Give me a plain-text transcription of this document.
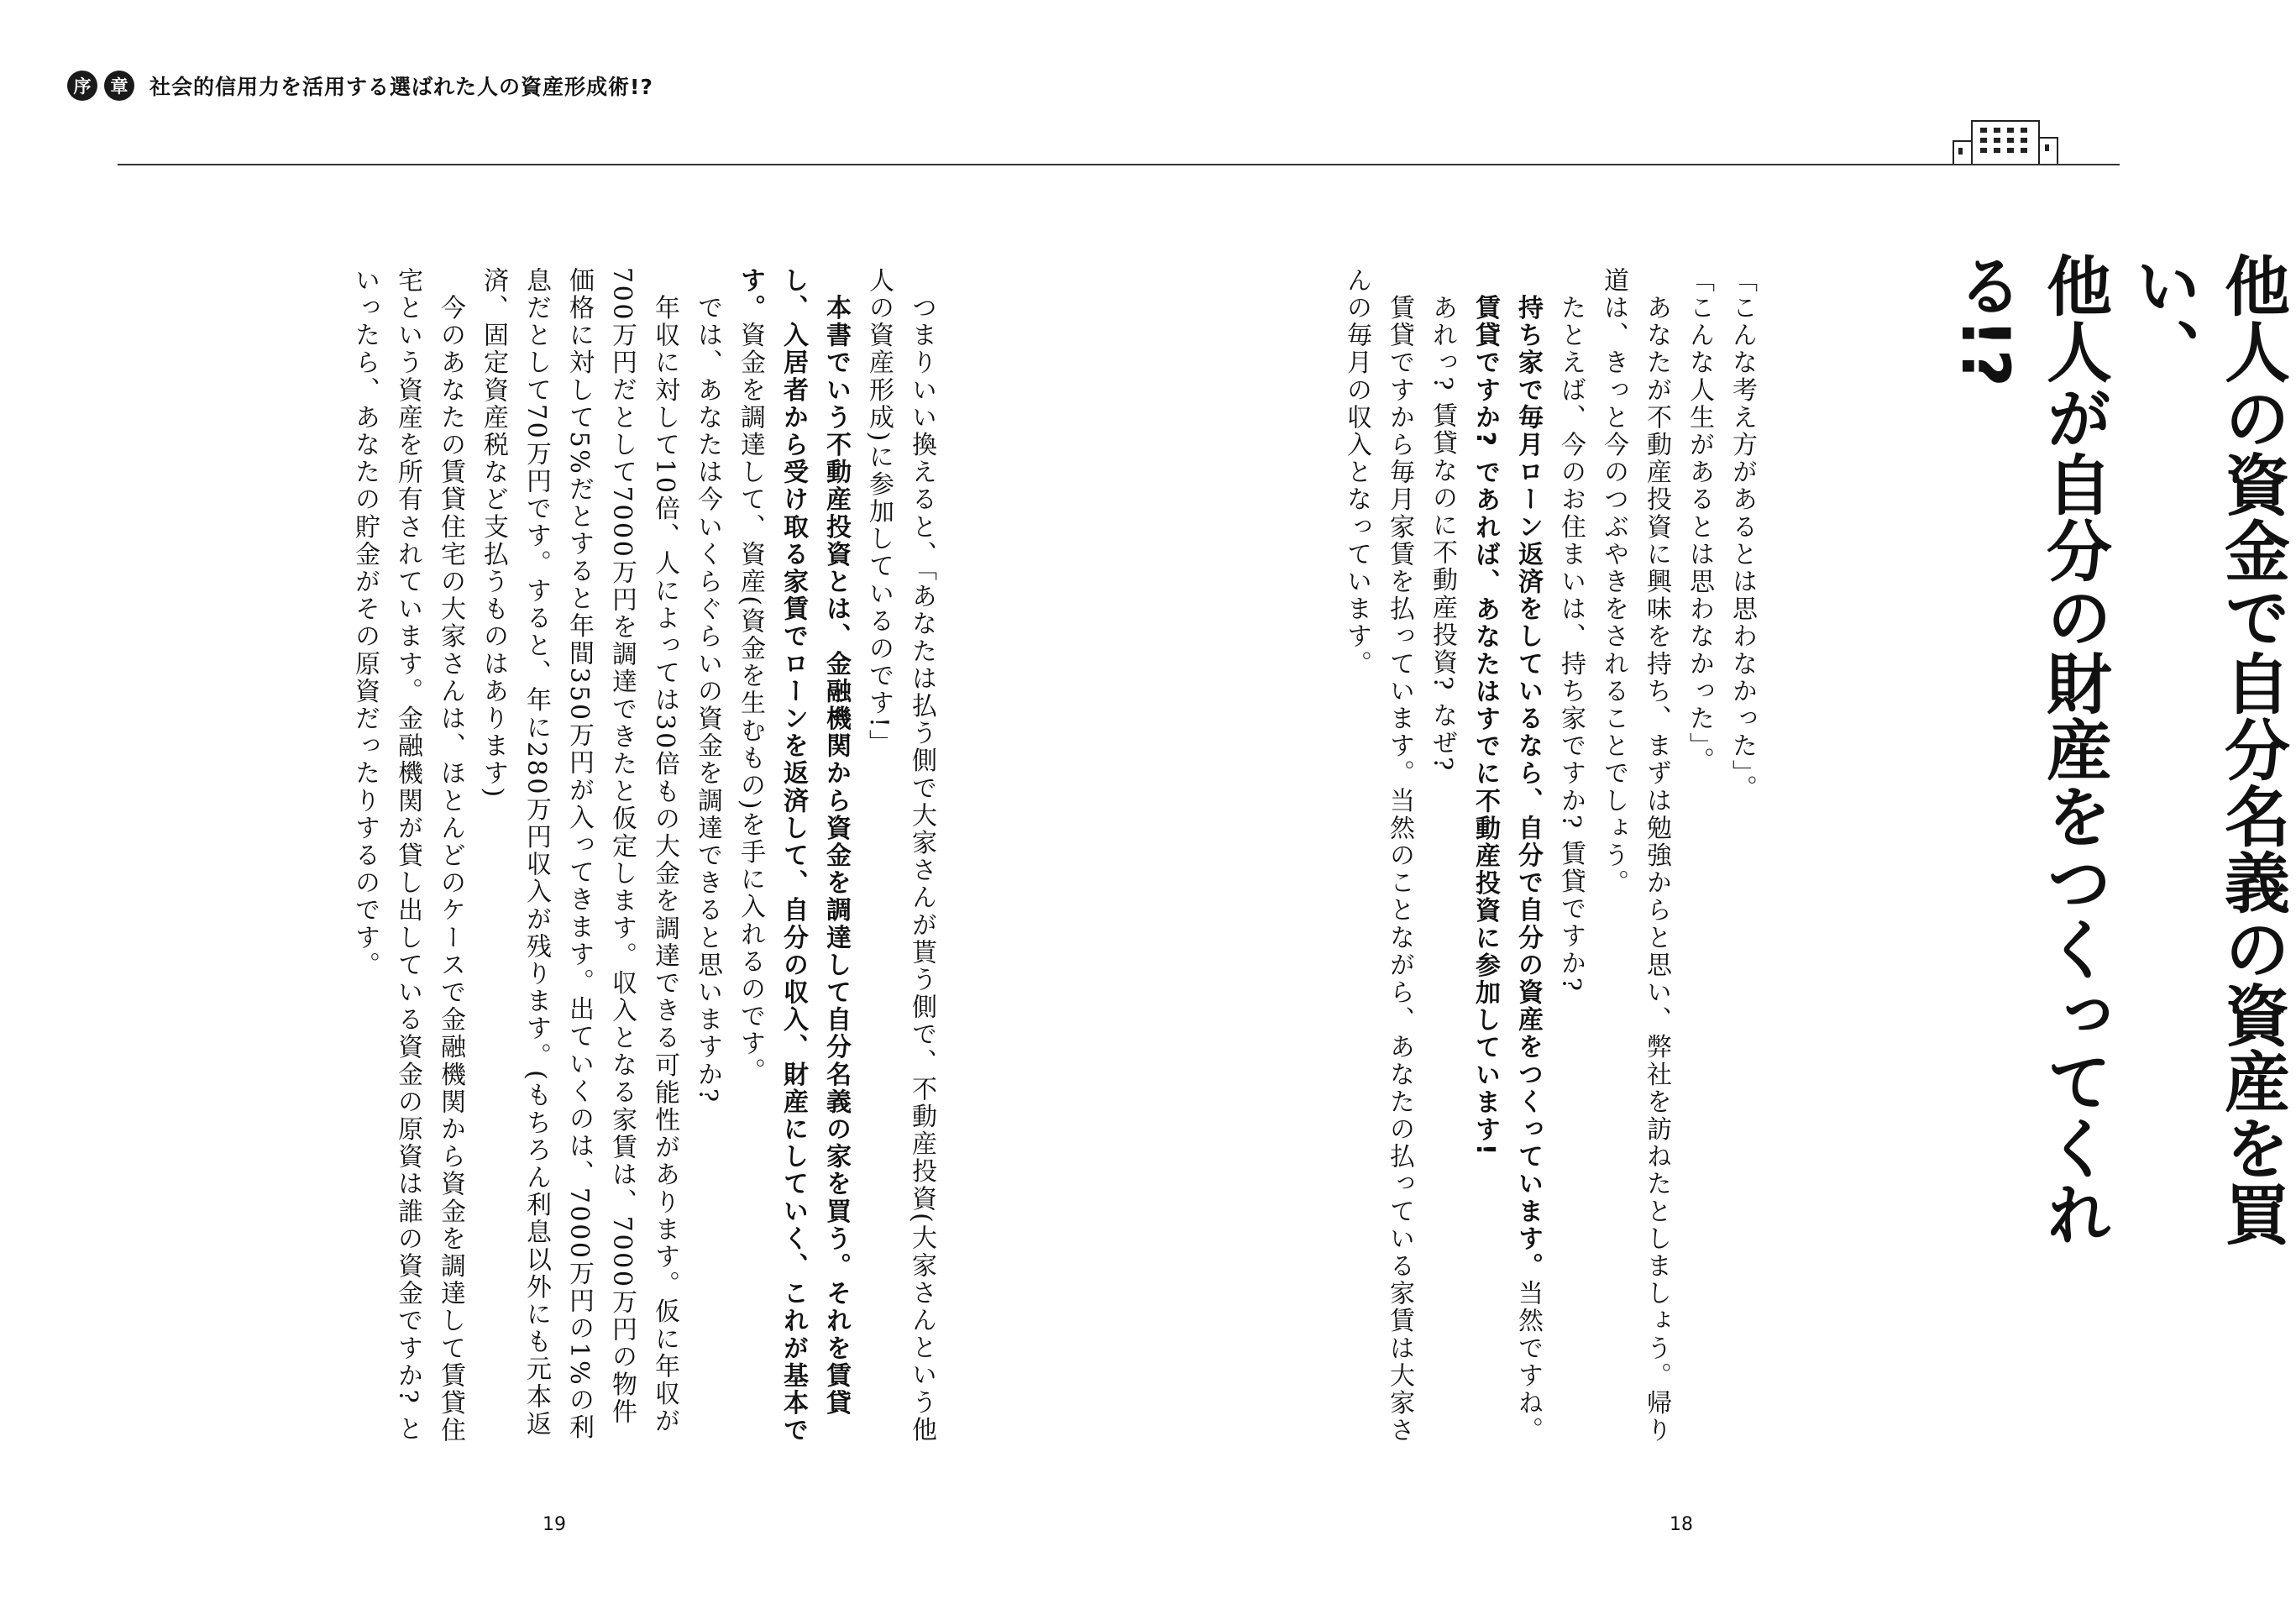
序	章	社会的信用力を活用する選ばれた人の資産形成術!?
他人の資金で自分名義の資産を買い、
他人が自分の財産をつくってくれる!?

「こんな考え方があるとは思わなかった」。

「こんな人生があるとは思わなかった」。

　あなたが不動産投資に興味を持ち、まずは勉強からと思い、弊社を訪ねたとしましょう。帰り道は、きっと今のつぶやきをされることでしょう。

　たとえば、今のお住まいは、持ち家ですか? 賃貸ですか?

　持ち家で毎月ローン返済をしているなら、自分で自分の資産をつくっています。当然ですね。

　賃貸ですか? であれば、あなたはすでに不動産投資に参加しています!

　あれっ? 賃貸なのに不動産投資? なぜ?

　賃貸ですから毎月家賃を払っています。当然のことながら、あなたの払っている家賃は大家さんの毎月の収入となっています。

　つまりいい換えると、「あなたは払う側で大家さんが貰う側で、不動産投資(大家さんという他人の資産形成)に参加しているのです!」

　本書でいう不動産投資とは、金融機関から資金を調達して自分名義の家を買う。それを賃貸し、入居者から受け取る家賃でローンを返済して、自分の収入、財産にしていく、これが基本です。資金を調達して、資産(資金を生むもの)を手に入れるのです。

　では、あなたは今いくらぐらいの資金を調達できると思いますか?

　年収に対して10倍、人によっては30倍もの大金を調達できる可能性があります。仮に年収が700万円だとして7000万円を調達できたと仮定します。収入となる家賃は、7000万円の物件価格に対して5%だとすると年間350万円が入ってきます。出ていくのは、7000万円の1%の利息だとして70万円です。すると、年に280万円収入が残ります。(もちろん利息以外にも元本返済、固定資産税など支払うものはあります)

　今のあなたの賃貸住宅の大家さんは、ほとんどのケースで金融機関から資金を調達して賃貸住宅という資産を所有されています。金融機関が貸し出している資金の原資は誰の資金ですか? といったら、あなたの貯金がその原資だったりするのです。

19	18
